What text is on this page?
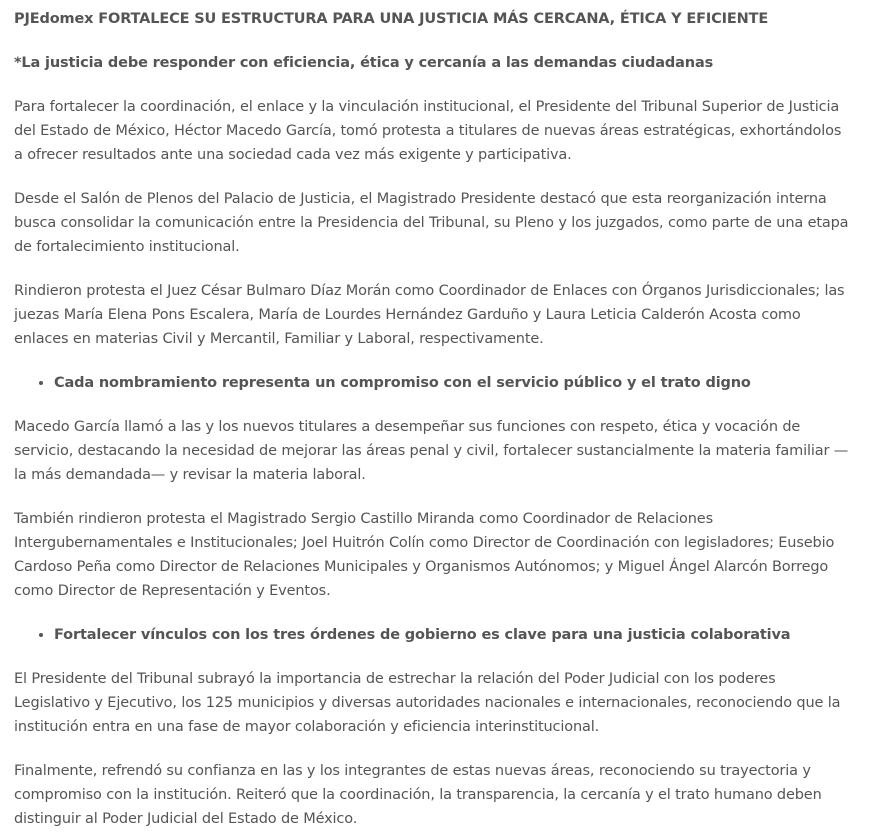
PJEdomex FORTALECE SU ESTRUCTURA PARA UNA JUSTICIA MÁS CERCANA, ÉTICA Y EFICIENTE

*La justicia debe responder con eficiencia, ética y cercanía a las demandas ciudadanas

Para fortalecer la coordinación, el enlace y la vinculación institucional, el Presidente del Tribunal Superior de Justicia del Estado de México, Héctor Macedo García, tomó protesta a titulares de nuevas áreas estratégicas, exhortándolos a ofrecer resultados ante una sociedad cada vez más exigente y participativa.

Desde el Salón de Plenos del Palacio de Justicia, el Magistrado Presidente destacó que esta reorganización interna busca consolidar la comunicación entre la Presidencia del Tribunal, su Pleno y los juzgados, como parte de una etapa de fortalecimiento institucional.

Rindieron protesta el Juez César Bulmaro Díaz Morán como Coordinador de Enlaces con Órganos Jurisdiccionales; las juezas María Elena Pons Escalera, María de Lourdes Hernández Garduño y Laura Leticia Calderón Acosta como enlaces en materias Civil y Mercantil, Familiar y Laboral, respectivamente.

• Cada nombramiento representa un compromiso con el servicio público y el trato digno

Macedo García llamó a las y los nuevos titulares a desempeñar sus funciones con respeto, ética y vocación de servicio, destacando la necesidad de mejorar las áreas penal y civil, fortalecer sustancialmente la materia familiar —la más demandada— y revisar la materia laboral.

También rindieron protesta el Magistrado Sergio Castillo Miranda como Coordinador de Relaciones Intergubernamentales e Institucionales; Joel Huitrón Colín como Director de Coordinación con legisladores; Eusebio Cardoso Peña como Director de Relaciones Municipales y Organismos Autónomos; y Miguel Ángel Alarcón Borrego como Director de Representación y Eventos.

• Fortalecer vínculos con los tres órdenes de gobierno es clave para una justicia colaborativa

El Presidente del Tribunal subrayó la importancia de estrechar la relación del Poder Judicial con los poderes Legislativo y Ejecutivo, los 125 municipios y diversas autoridades nacionales e internacionales, reconociendo que la institución entra en una fase de mayor colaboración y eficiencia interinstitucional.

Finalmente, refrendó su confianza en las y los integrantes de estas nuevas áreas, reconociendo su trayectoria y compromiso con la institución. Reiteró que la coordinación, la transparencia, la cercanía y el trato humano deben distinguir al Poder Judicial del Estado de México.
